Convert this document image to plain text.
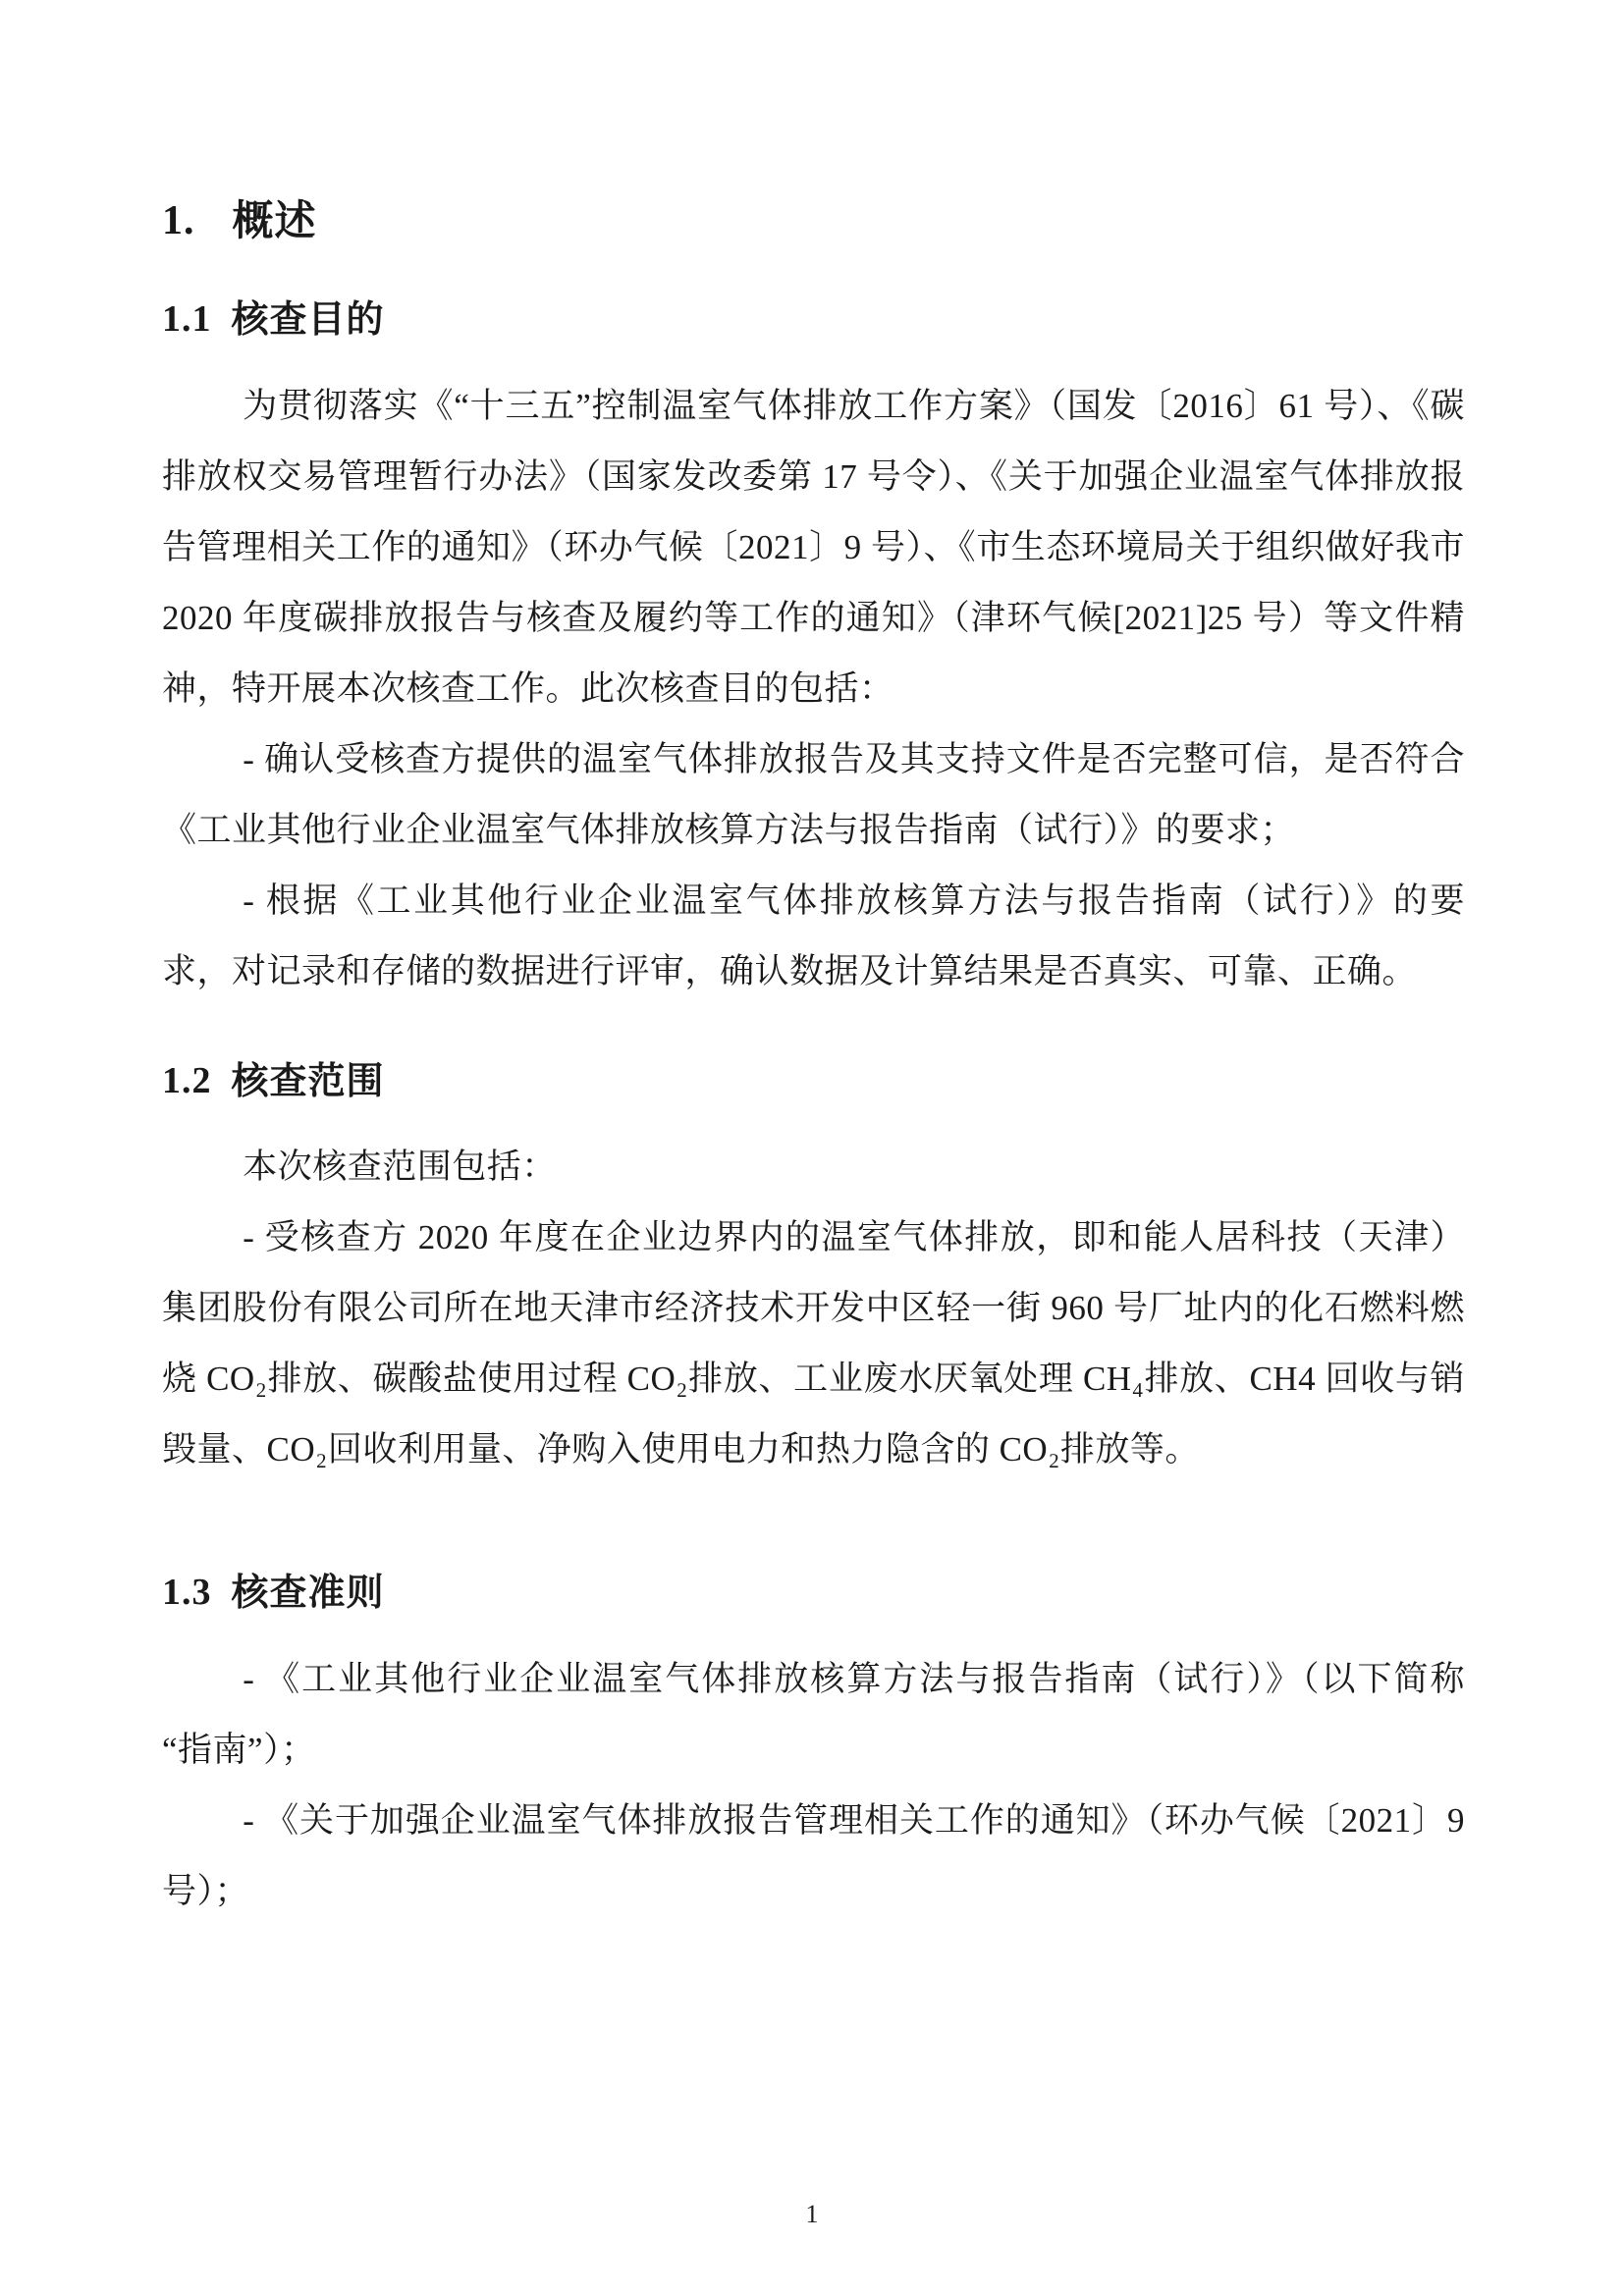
1. 概述
1.1 核查目的

为贯彻落实《“十三五”控制温室气体排放工作方案》（国发〔2016〕61 号）、《碳排放权交易管理暂行办法》（国家发改委第 17 号令）、《关于加强企业温室气体排放报告管理相关工作的通知》（环办气候〔2021〕9 号）、《市生态环境局关于组织做好我市 2020 年度碳排放报告与核查及履约等工作的通知》（津环气候[2021]25 号）等文件精神，特开展本次核查工作。此次核查目的包括：

- 确认受核查方提供的温室气体排放报告及其支持文件是否完整可信，是否符合《工业其他行业企业温室气体排放核算方法与报告指南（试行）》的要求；

- 根据《工业其他行业企业温室气体排放核算方法与报告指南（试行）》的要求，对记录和存储的数据进行评审，确认数据及计算结果是否真实、可靠、正确。

1.2 核查范围

本次核查范围包括：

- 受核查方 2020 年度在企业边界内的温室气体排放，即和能人居科技（天津）集团股份有限公司所在地天津市经济技术开发中区轻一街 960 号厂址内的化石燃料燃烧 CO₂排放、碳酸盐使用过程 CO₂排放、工业废水厌氧处理 CH₄排放、CH4 回收与销毁量、CO₂回收利用量、净购入使用电力和热力隐含的 CO₂排放等。

1.3 核查准则

- 《工业其他行业企业温室气体排放核算方法与报告指南（试行）》（以下简称“指南”）；

- 《关于加强企业温室气体排放报告管理相关工作的通知》（环办气候〔2021〕9 号）；

1
